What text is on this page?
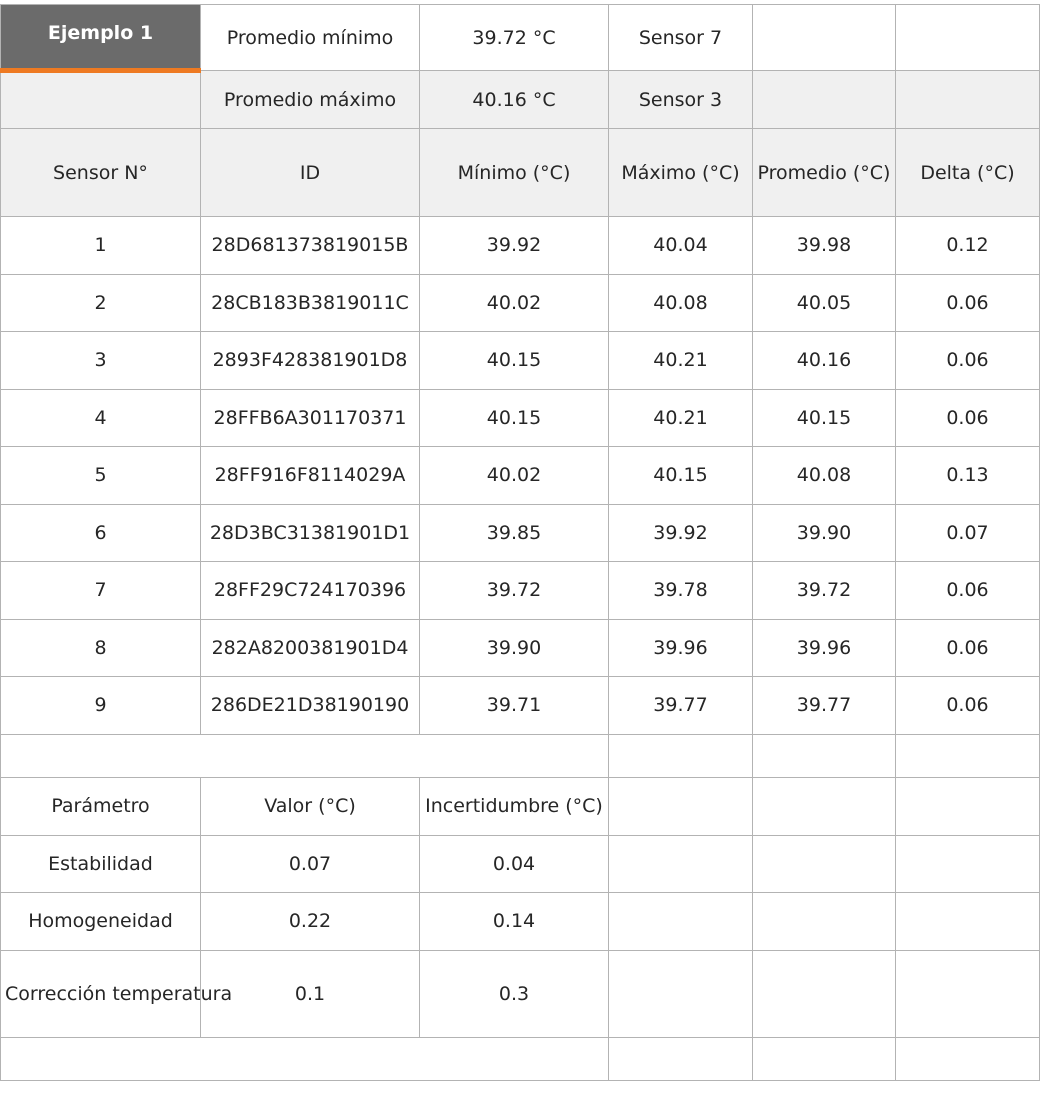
Ejemplo 1	Promedio mínimo	39.72 °C	Sensor 7		
	Promedio máximo	40.16 °C	Sensor 3		
Sensor N°	ID	Mínimo (°C)	Máximo (°C)	Promedio (°C)	Delta (°C)
1	28D681373819015B	39.92	40.04	39.98	0.12
2	28CB183B3819011C	40.02	40.08	40.05	0.06
3	2893F428381901D8	40.15	40.21	40.16	0.06
4	28FFB6A301170371	40.15	40.21	40.15	0.06
5	28FF916F8114029A	40.02	40.15	40.08	0.13
6	28D3BC31381901D1	39.85	39.92	39.90	0.07
7	28FF29C724170396	39.72	39.78	39.72	0.06
8	282A8200381901D4	39.90	39.96	39.96	0.06
9	286DE21D38190190	39.71	39.77	39.77	0.06

Parámetro	Valor (°C)	Incertidumbre (°C)			
Estabilidad	0.07	0.04			
Homogeneidad	0.22	0.14			
Corrección temperatura	0.1	0.3			
